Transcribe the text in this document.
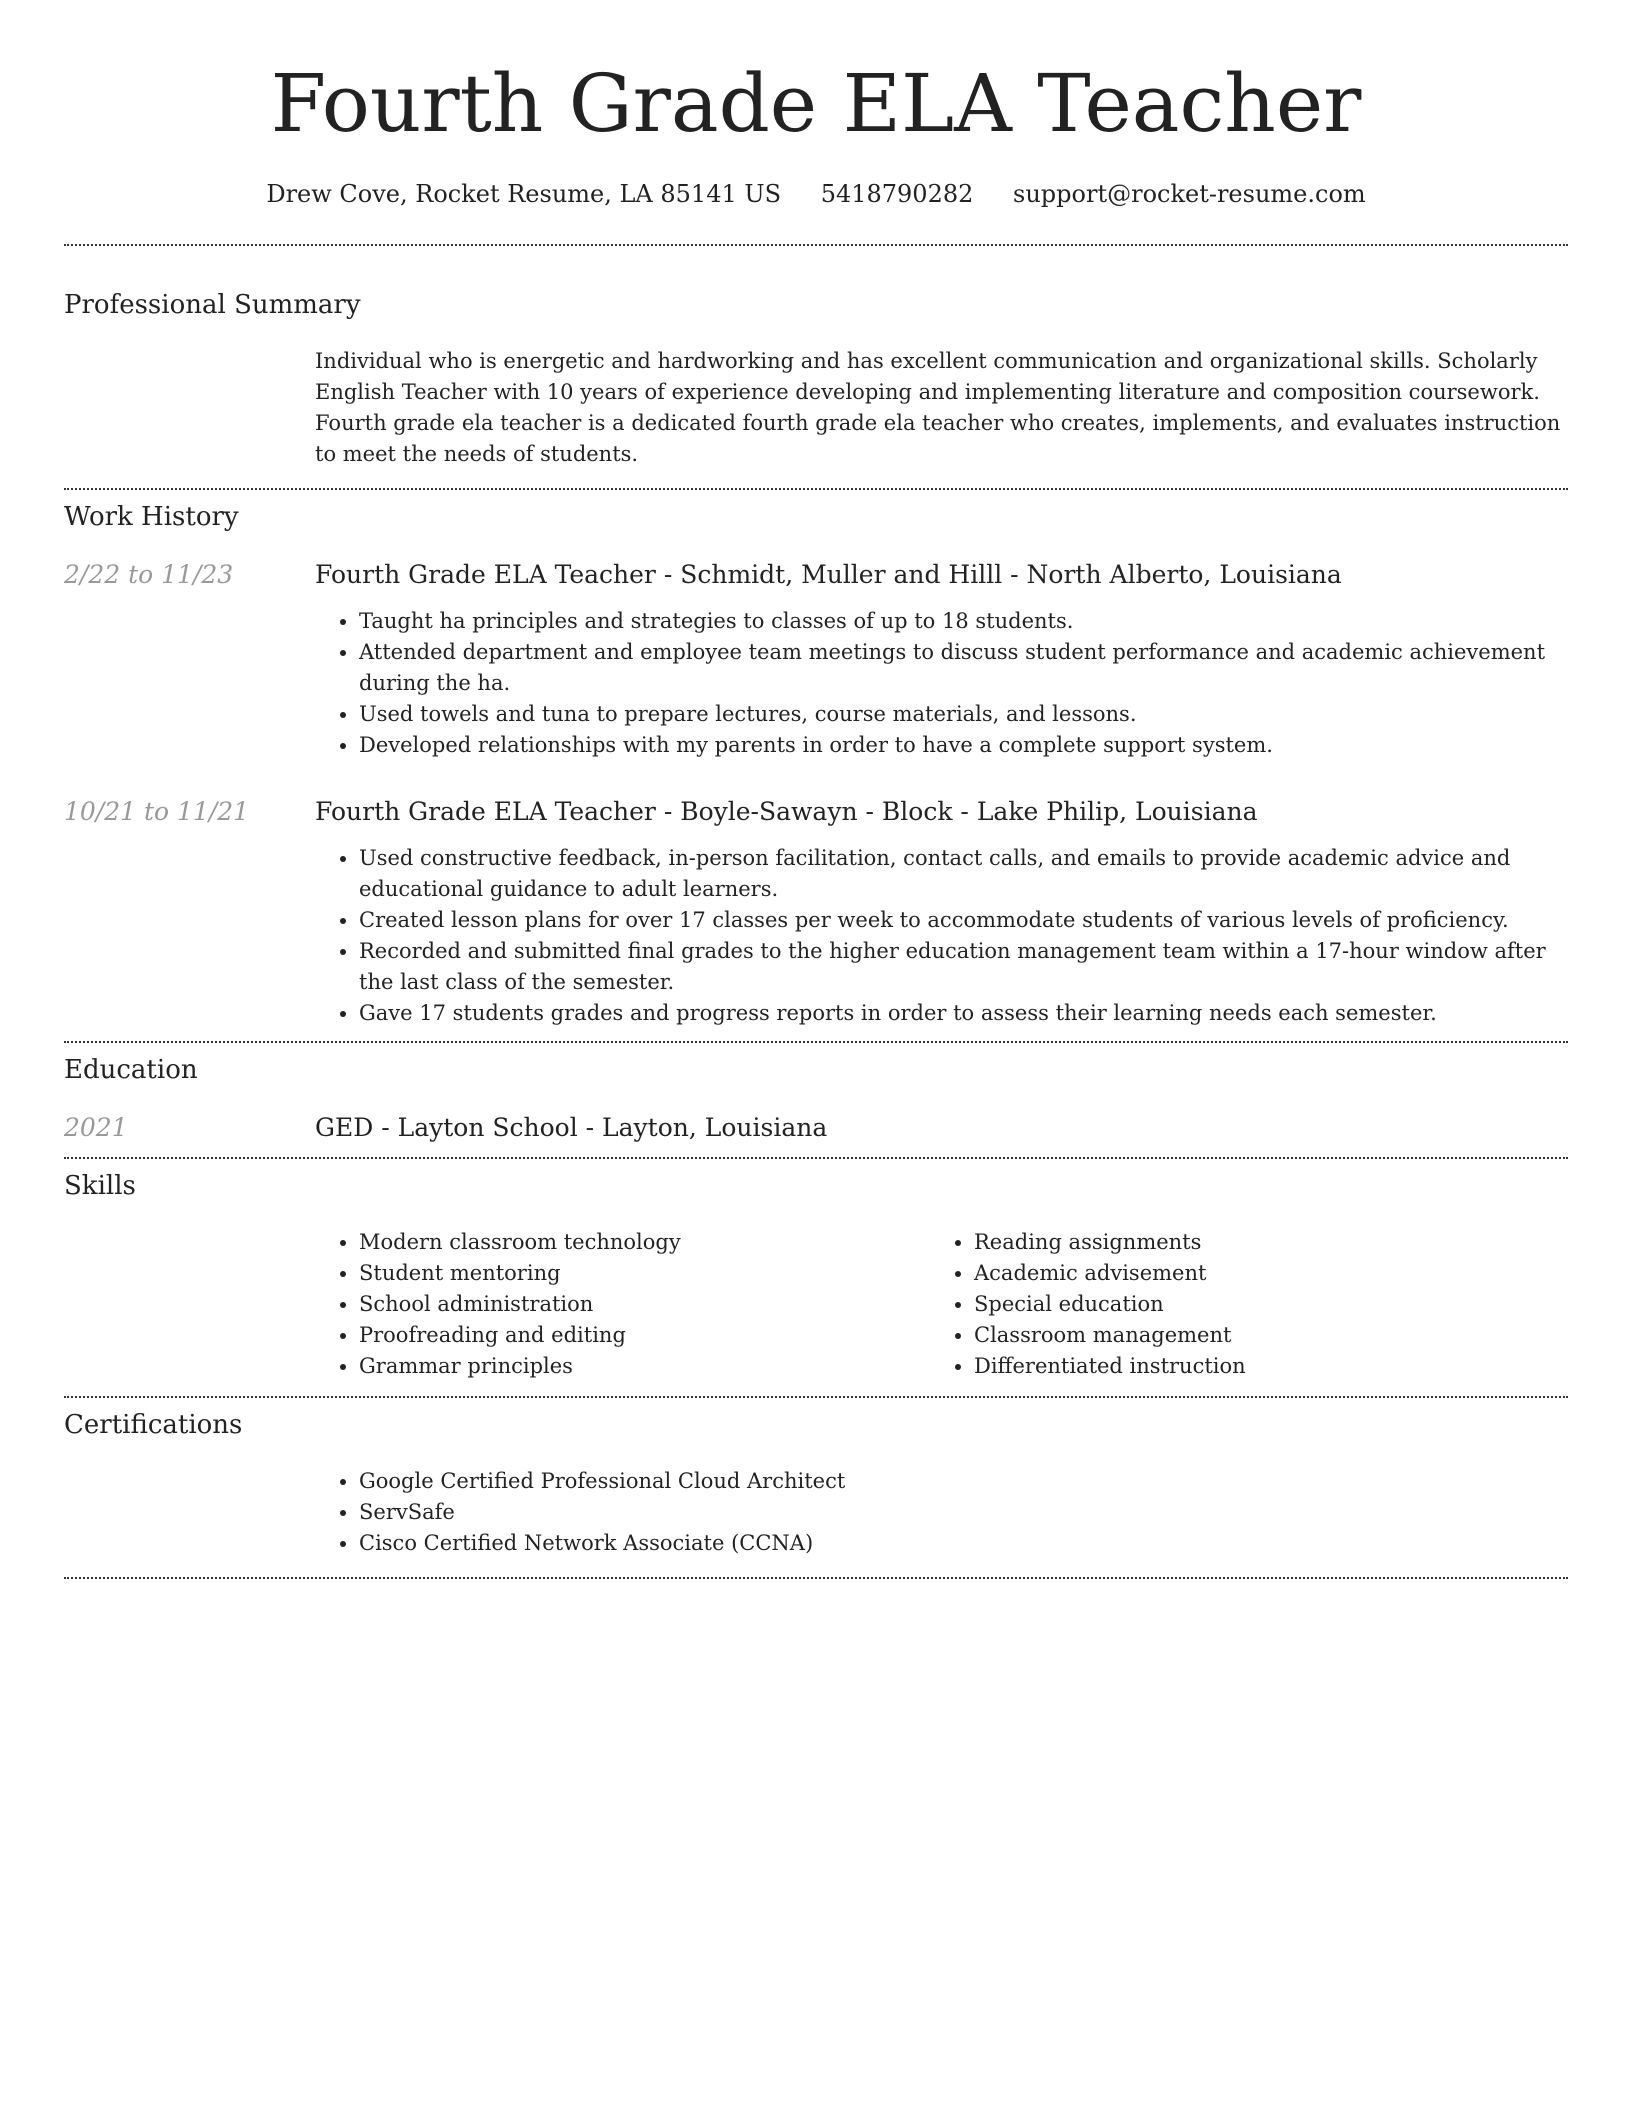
Fourth Grade ELA Teacher
Drew Cove, Rocket Resume, LA 85141 US 5418790282 support@rocket-resume.com
Professional Summary

Individual who is energetic and hardworking and has excellent communication and organizational skills. Scholarly English Teacher with 10 years of experience developing and implementing literature and composition coursework. Fourth grade ela teacher is a dedicated fourth grade ela teacher who creates, implements, and evaluates instruction to meet the needs of students.

Work History
2/22 to 11/23	Fourth Grade ELA Teacher - Schmidt, Muller and Hilll - North Alberto, Louisiana

• Taught ha principles and strategies to classes of up to 18 students.
• Attended department and employee team meetings to discuss student performance and academic achievement during the ha.
• Used towels and tuna to prepare lectures, course materials, and lessons.
• Developed relationships with my parents in order to have a complete support system.
10/21 to 11/21	Fourth Grade ELA Teacher - Boyle-Sawayn - Block - Lake Philip, Louisiana

• Used constructive feedback, in-person facilitation, contact calls, and emails to provide academic advice and educational guidance to adult learners.
• Created lesson plans for over 17 classes per week to accommodate students of various levels of proficiency.
• Recorded and submitted final grades to the higher education management team within a 17-hour window after the last class of the semester.
• Gave 17 students grades and progress reports in order to assess their learning needs each semester.
Education
2021	GED - Layton School - Layton, Louisiana

Skills
• Modern classroom technology
• Student mentoring
• School administration
• Proofreading and editing
• Grammar principles
• Reading assignments
• Academic advisement
• Special education
• Classroom management
• Differentiated instruction
Certifications
• Google Certified Professional Cloud Architect
• ServSafe
• Cisco Certified Network Associate (CCNA)
